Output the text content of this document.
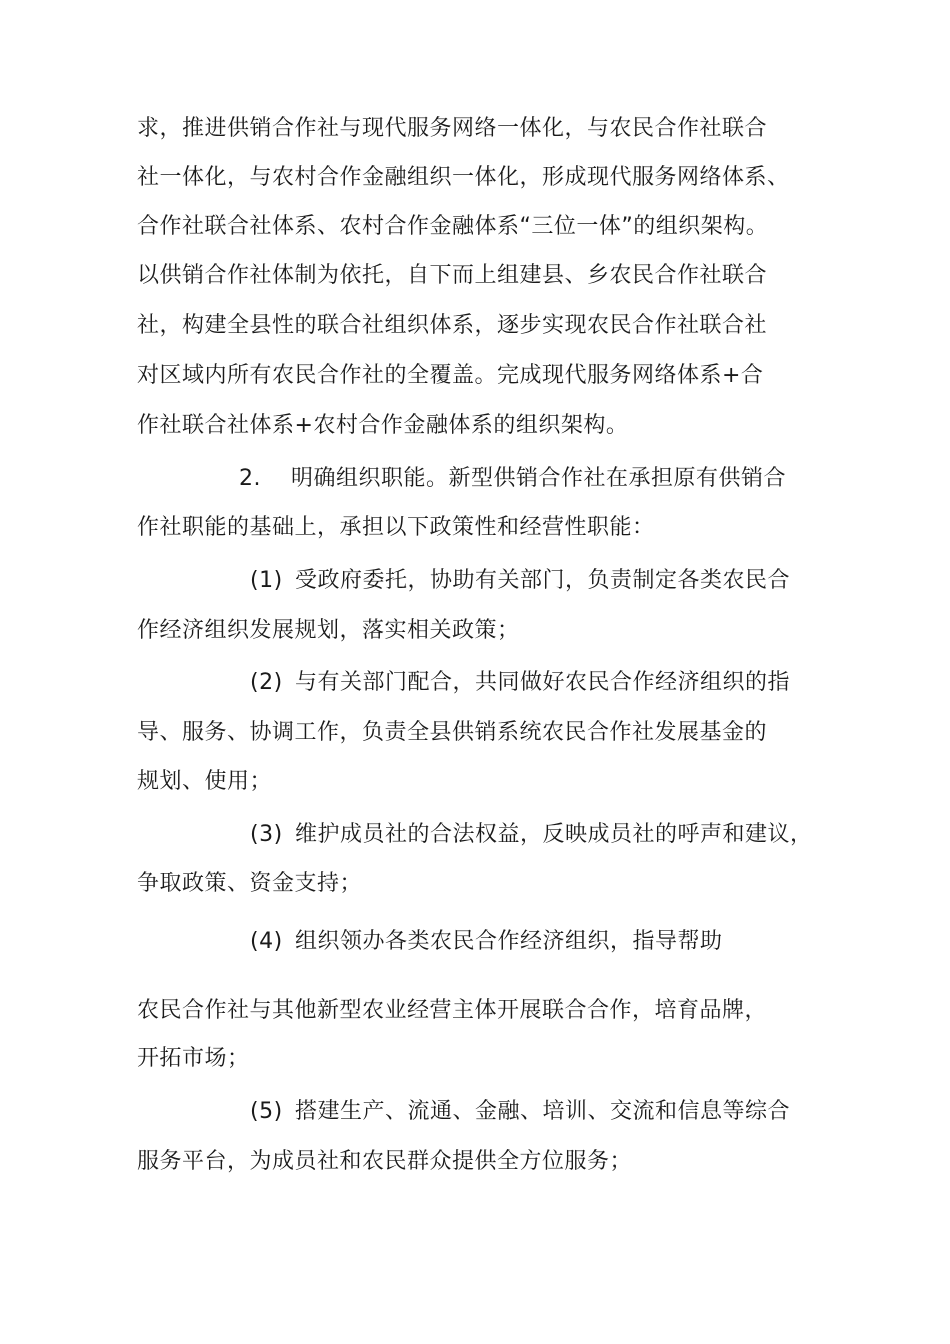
求，推进供销合作社与现代服务网络一体化，与农民合作社联合
社一体化，与农村合作金融组织一体化，形成现代服务网络体系、
合作社联合社体系、农村合作金融体系“三位一体”的组织架构。
以供销合作社体制为依托，自下而上组建县、乡农民合作社联合
社，构建全县性的联合社组织体系，逐步实现农民合作社联合社
对区域内所有农民合作社的全覆盖。完成现代服务网络体系+合
作社联合社体系+农村合作金融体系的组织架构。
2. 明确组织职能。新型供销合作社在承担原有供销合
作社职能的基础上，承担以下政策性和经营性职能：
(1) 受政府委托，协助有关部门，负责制定各类农民合
作经济组织发展规划，落实相关政策；
(2) 与有关部门配合，共同做好农民合作经济组织的指
导、服务、协调工作，负责全县供销系统农民合作社发展基金的
规划、使用；
(3) 维护成员社的合法权益，反映成员社的呼声和建议，
争取政策、资金支持；
(4) 组织领办各类农民合作经济组织，指导帮助
农民合作社与其他新型农业经营主体开展联合合作，培育品牌，
开拓市场；
(5) 搭建生产、流通、金融、培训、交流和信息等综合
服务平台，为成员社和农民群众提供全方位服务；
